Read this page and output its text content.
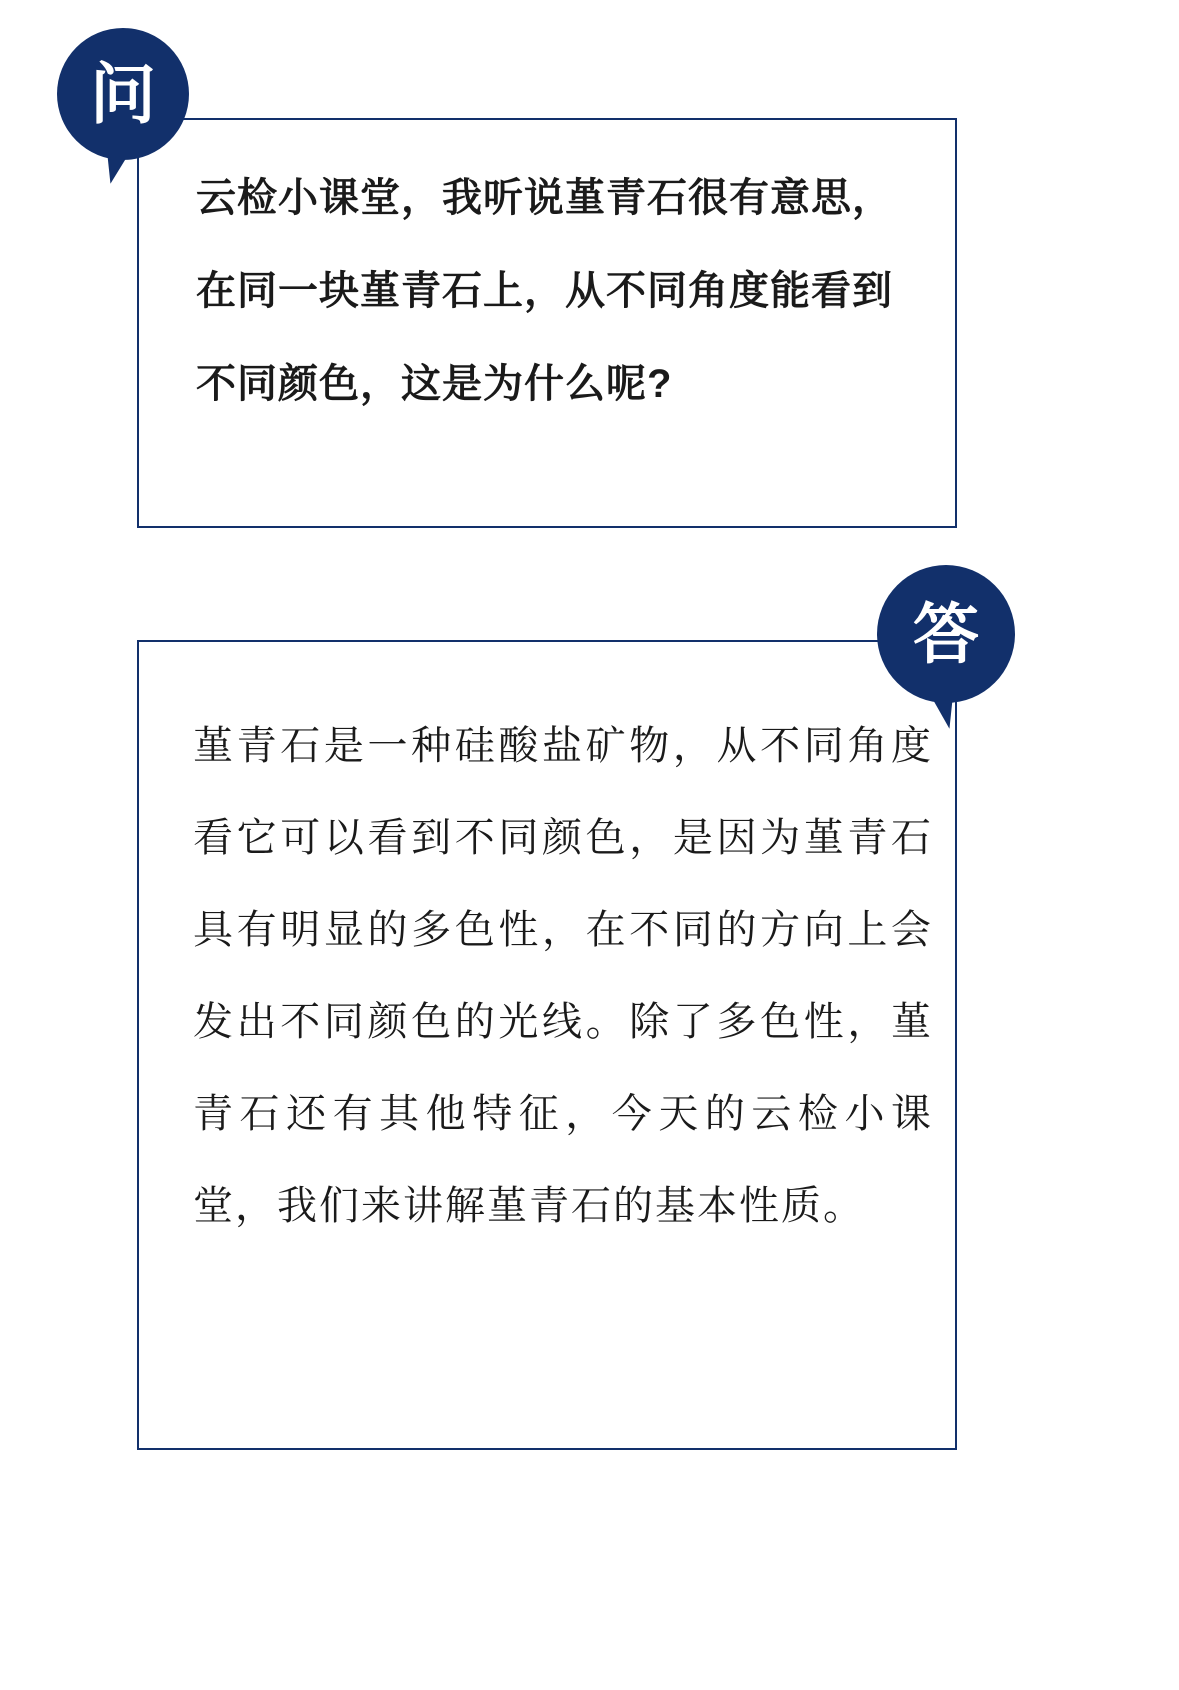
问
云检小课堂，我听说堇青石很有意思，在同一块堇青石上，从不同角度能看到不同颜色，这是为什么呢?
答
堇青石是一种硅酸盐矿物，从不同角度看它可以看到不同颜色，是因为堇青石具有明显的多色性，在不同的方向上会发出不同颜色的光线。除了多色性，堇青石还有其他特征，今天的云检小课堂，我们来讲解堇青石的基本性质。
